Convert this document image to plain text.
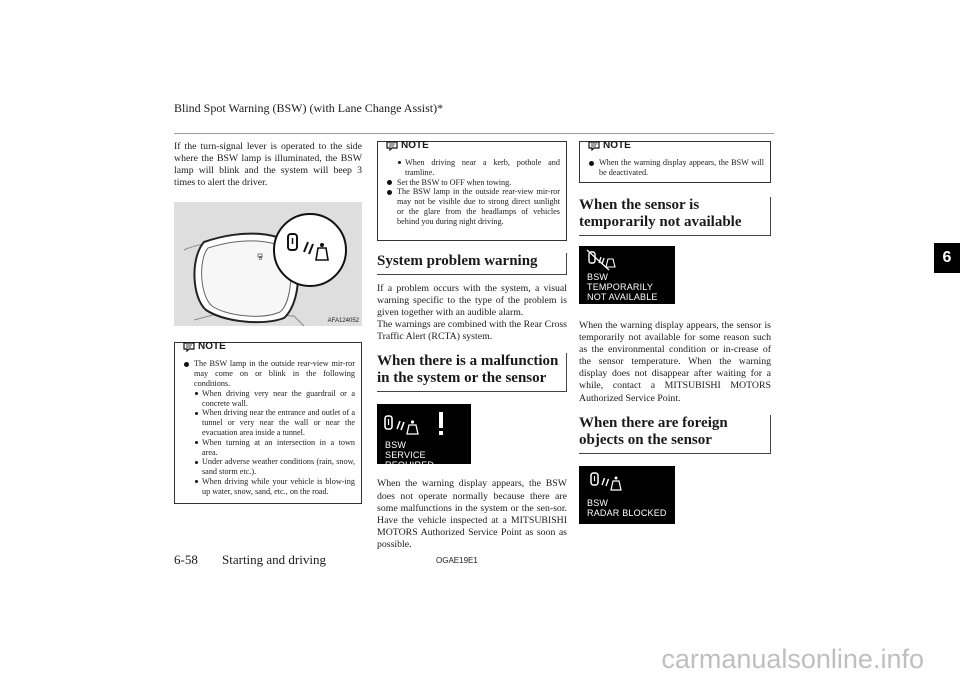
Blind Spot Warning (BSW) (with Lane Change Assist)*
6

If the turn-signal lever is operated to the side where the BSW lamp is illuminated, the BSW lamp will blink and the system will beep 3 times to alert the driver.

B
AFA124052
NOTE
The BSW lamp in the outside rear-view mir-ror may come on or blink in the following conditions.
When driving very near the guardrail or a concrete wall.
When driving near the entrance and outlet of a tunnel or very near the wall or near the evacuation area inside a tunnel.
When turning at an intersection in a town area.
Under adverse weather conditions (rain, snow, sand storm etc.).
When driving while your vehicle is blow-ing up water, snow, sand, etc., on the road.
NOTE
When driving near a kerb, pothole and tramline.
Set the BSW to OFF when towing.
The BSW lamp in the outside rear-view mir-ror may not be visible due to strong direct sunlight or the glare from the headlamps of vehicles behind you during night driving.
System problem warning

If a problem occurs with the system, a visual warning specific to the type of the problem is given together with an audible alarm.

The warnings are combined with the Rear Cross Traffic Alert (RCTA) system.

When there is a malfunction in the system or the sensor
BSW
SERVICE REQUIRED

When the warning display appears, the BSW does not operate normally because there are some malfunctions in the system or the sen-sor. Have the vehicle inspected at a MITSUBISHI MOTORS Authorized Service Point as soon as possible.

NOTE
When the warning display appears, the BSW will be deactivated.
When the sensor is temporarily not available
BSW
TEMPORARILY
NOT AVAILABLE

When the warning display appears, the sensor is temporarily not available for some reason such as the environmental condition or in-crease of the sensor temperature. When the warning display does not disappear after waiting for a while, contact a MITSUBISHI MOTORS Authorized Service Point.

When there are foreign objects on the sensor
BSW
RADAR BLOCKED
6-58 Starting and driving	OGAE19E1
carmanualsonline.info
